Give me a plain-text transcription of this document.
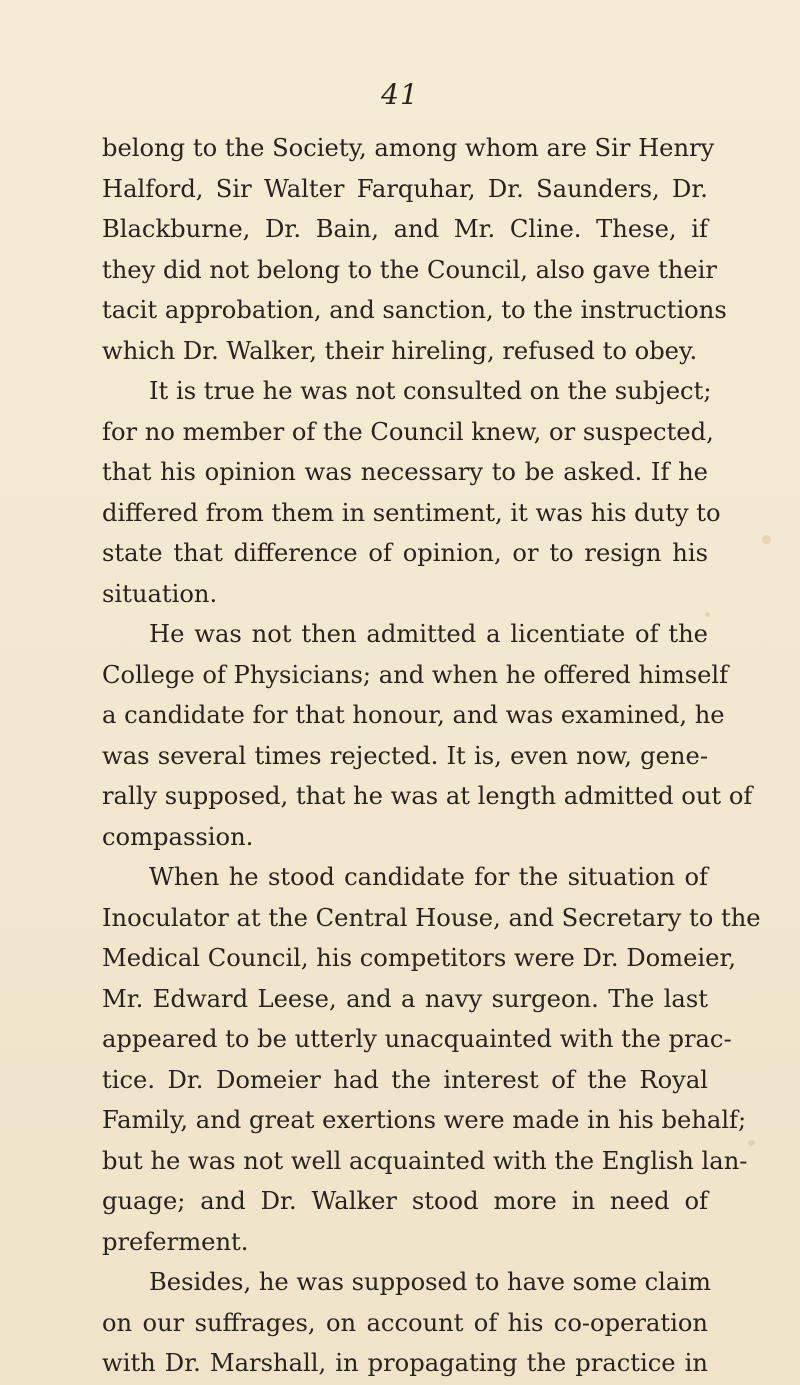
41
belong to the Society, among whom are Sir Henry
Halford, Sir Walter Farquhar, Dr. Saunders, Dr.
Blackburne, Dr. Bain, and Mr. Cline. These, if
they did not belong to the Council, also gave their
tacit approbation, and sanction, to the instructions
which Dr. Walker, their hireling, refused to obey.
It is true he was not consulted on the subject;
for no member of the Council knew, or suspected,
that his opinion was necessary to be asked. If he
differed from them in sentiment, it was his duty to
state that difference of opinion, or to resign his
situation.
He was not then admitted a licentiate of the
College of Physicians; and when he offered himself
a candidate for that honour, and was examined, he
was several times rejected. It is, even now, gene-
rally supposed, that he was at length admitted out of
compassion.
When he stood candidate for the situation of
Inoculator at the Central House, and Secretary to the
Medical Council, his competitors were Dr. Domeier,
Mr. Edward Leese, and a navy surgeon. The last
appeared to be utterly unacquainted with the prac-
tice. Dr. Domeier had the interest of the Royal
Family, and great exertions were made in his behalf;
but he was not well acquainted with the English lan-
guage; and Dr. Walker stood more in need of
preferment.
Besides, he was supposed to have some claim
on our suffrages, on account of his co-operation
with Dr. Marshall, in propagating the practice in
